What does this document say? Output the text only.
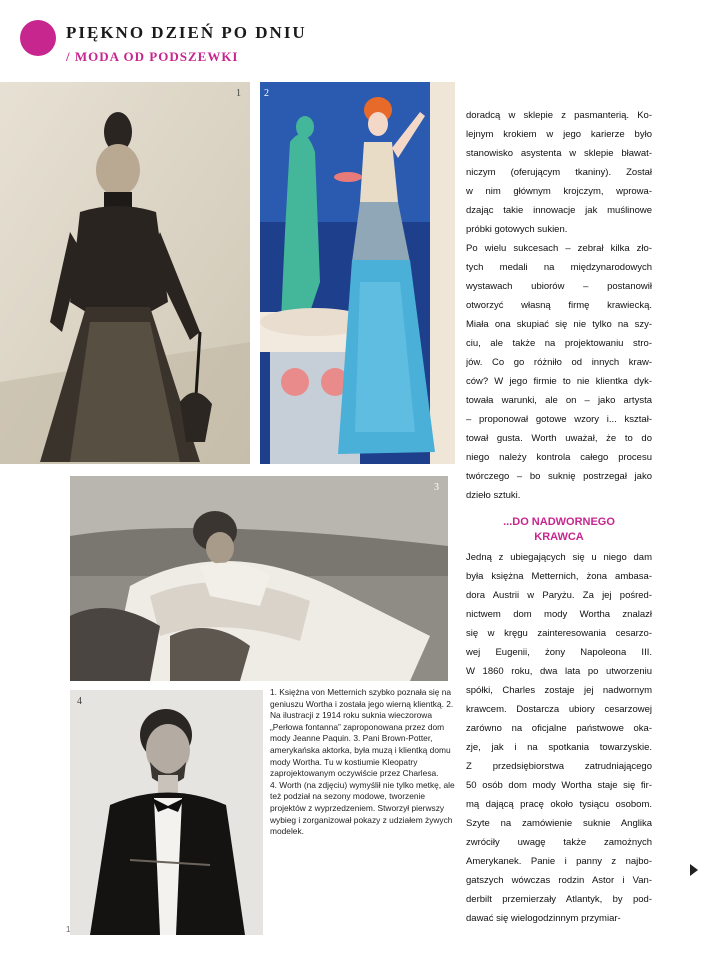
PIĘKNO DZIEŃ PO DNIU
/ MODA OD PODSZEWKI
1 2
3
4

1. Księżna von Metternich szybko poznała się na geniuszu Wortha i została jego wierną klientką. 2. Na ilustracji z 1914 roku suknia wieczorowa „Perłowa fontanna” zaproponowana przez dom mody Jeanne Paquin. 3. Pani Brown-Potter, amerykańska aktorka, była muzą i klientką domu mody Wortha. Tu w kostiumie Kleopatry zaprojektowanym oczywiście przez Charlesa.

4. Worth (na zdjęciu) wymyślił nie tylko metkę, ale też podział na sezony modowe, tworzenie projektów z wyprzedzeniem. Stworzył pierwszy wybieg i zorganizował pokazy z udziałem żywych modelek.

doradcą w sklepie z pasmanterią. Ko-
lejnym krokiem w jego karierze było
stanowisko asystenta w sklepie bławat-
niczym (oferującym tkaniny). Został
w nim głównym krojczym, wprowa-
dzając takie innowacje jak muślinowe
próbki gotowych sukien.
Po wielu sukcesach – zebrał kilka zło-
tych medali na międzynarodowych
wystawach ubiorów – postanowił
otworzyć własną firmę krawiecką.
Miała ona skupiać się nie tylko na szy-
ciu, ale także na projektowaniu stro-
jów. Co go różniło od innych kraw-
ców? W jego firmie to nie klientka dyk-
towała warunki, ale on – jako artysta
– proponował gotowe wzory i... kształ-
tował gusta. Worth uważał, że to do
niego należy kontrola całego procesu
twórczego – bo suknię postrzegał jako
dzieło sztuki.
...DO NADWORNEGO
KRAWCA
Jedną z ubiegających się u niego dam
była księżna Metternich, żona ambasa-
dora Austrii w Paryżu. Za jej pośred-
nictwem dom mody Wortha znalazł
się w kręgu zainteresowania cesarzo-
wej Eugenii, żony Napoleona III.
W 1860 roku, dwa lata po utworzeniu
spółki, Charles zostaje jej nadwornym
krawcem. Dostarcza ubiory cesarzowej
zarówno na oficjalne państwowe oka-
zje, jak i na spotkania towarzyskie.
Z przedsiębiorstwa zatrudniającego
50 osób dom mody Wortha staje się fir-
mą dającą pracę około tysiącu osobom.
Szyte na zamówienie suknie Anglika
zwróciły uwagę także zamożnych
Amerykanek. Panie i panny z najbo-
gatszych wówczas rodzin Astor i Van-
derbilt przemierzały Atlantyk, by pod-
dawać się wielogodzinnym przymiar-
1
